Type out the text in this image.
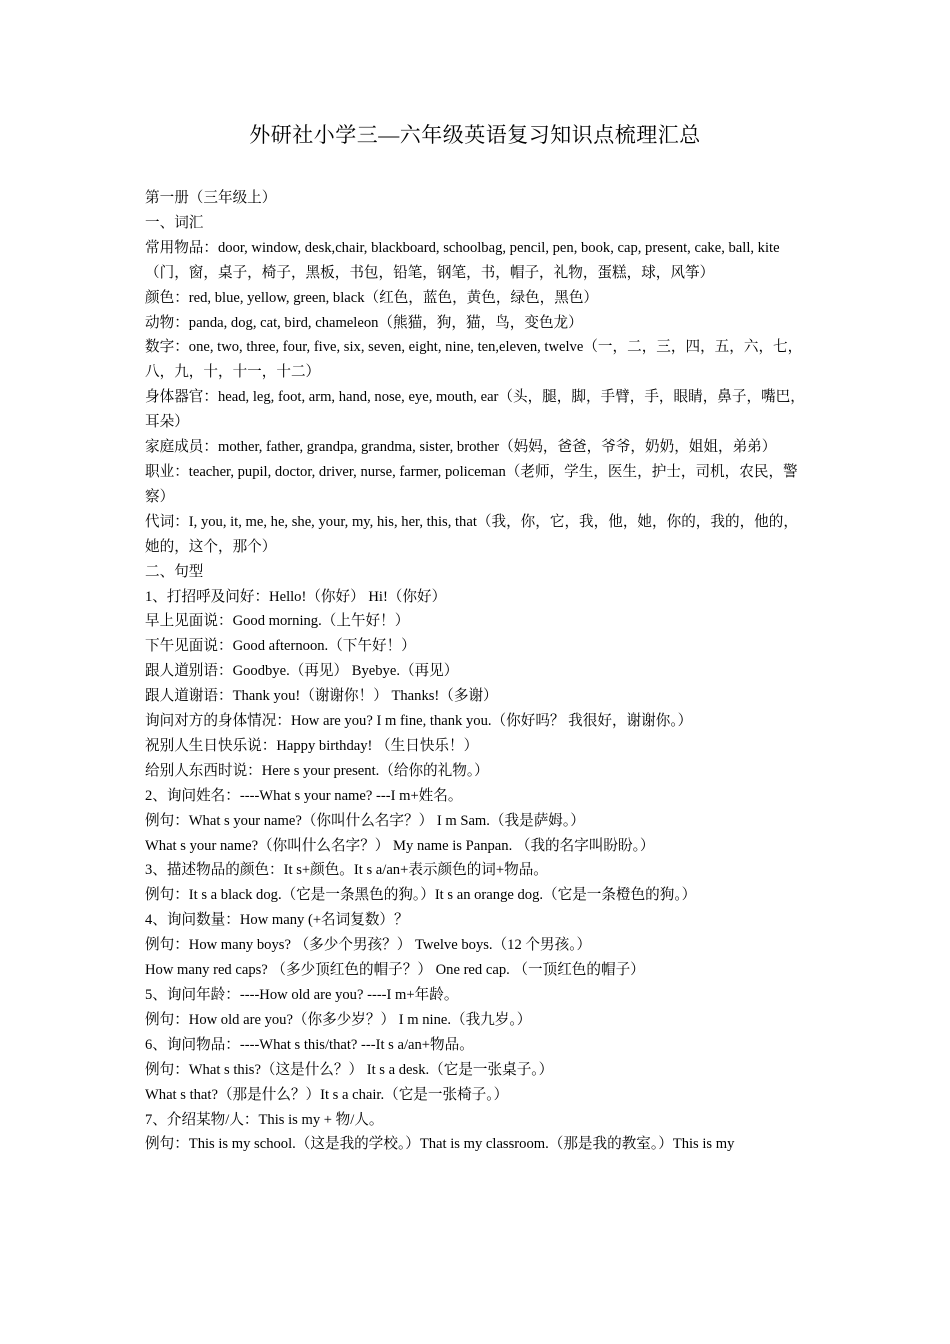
外研社小学三—六年级英语复习知识点梳理汇总
第一册（三年级上）
一、词汇
常用物品：door, window, desk,chair, blackboard, schoolbag, pencil, pen, book, cap, present, cake, ball, kite（门，窗，桌子，椅子，黑板，书包，铅笔，钢笔，书，帽子，礼物，蛋糕，球，风筝）
颜色：red, blue, yellow, green, black（红色，蓝色，黄色，绿色，黑色）
动物：panda, dog, cat, bird, chameleon（熊猫，狗，猫，鸟，变色龙）
数字：one, two, three, four, five, six, seven, eight, nine, ten,eleven, twelve（一，二，三，四，五，六，七，八，九，十，十一，十二）
身体器官：head, leg, foot, arm, hand, nose, eye, mouth, ear（头，腿，脚，手臂，手，眼睛，鼻子，嘴巴，耳朵）
家庭成员：mother, father, grandpa, grandma, sister, brother（妈妈，爸爸，爷爷，奶奶，姐姐，弟弟）
职业：teacher, pupil, doctor, driver, nurse, farmer, policeman（老师，学生，医生，护士，司机，农民，警察）
代词：I, you, it, me, he, she, your, my, his, her, this, that（我，你，它，我，他，她，你的，我的，他的，她的，这个，那个）
二、句型
1、打招呼及问好：Hello!（你好） Hi!（你好）
早上见面说：Good morning.（上午好！）
下午见面说：Good afternoon.（下午好！）
跟人道别语：Goodbye.（再见） Byebye.（再见）
跟人道谢语：Thank you!（谢谢你！） Thanks!（多谢）
询问对方的身体情况：How are you? I m fine, thank you.（你好吗？ 我很好，谢谢你。）
祝别人生日快乐说：Happy birthday! （生日快乐！）
给别人东西时说：Here s your present.（给你的礼物。）
2、询问姓名：----What s your name? ---I m+姓名。
例句：What s your name?（你叫什么名字？） I m Sam.（我是萨姆。）
What s your name?（你叫什么名字？） My name is Panpan. （我的名字叫盼盼。）
3、描述物品的颜色：It s+颜色。It s a/an+表示颜色的词+物品。
例句：It s a black dog.（它是一条黑色的狗。）It s an orange dog.（它是一条橙色的狗。）
4、询问数量：How many (+名词复数）？
例句：How many boys? （多少个男孩？） Twelve boys.（12 个男孩。）
How many red caps? （多少顶红色的帽子？） One red cap. （一顶红色的帽子）
5、询问年龄：----How old are you? ----I m+年龄。
例句：How old are you?（你多少岁？） I m nine.（我九岁。）
6、询问物品：----What s this/that? ---It s a/an+物品。
例句：What s this?（这是什么？） It s a desk.（它是一张桌子。）
What s that?（那是什么？）It s a chair.（它是一张椅子。）
7、介绍某物/人：This is my + 物/人。
例句：This is my school.（这是我的学校。）That is my classroom.（那是我的教室。）This is my
